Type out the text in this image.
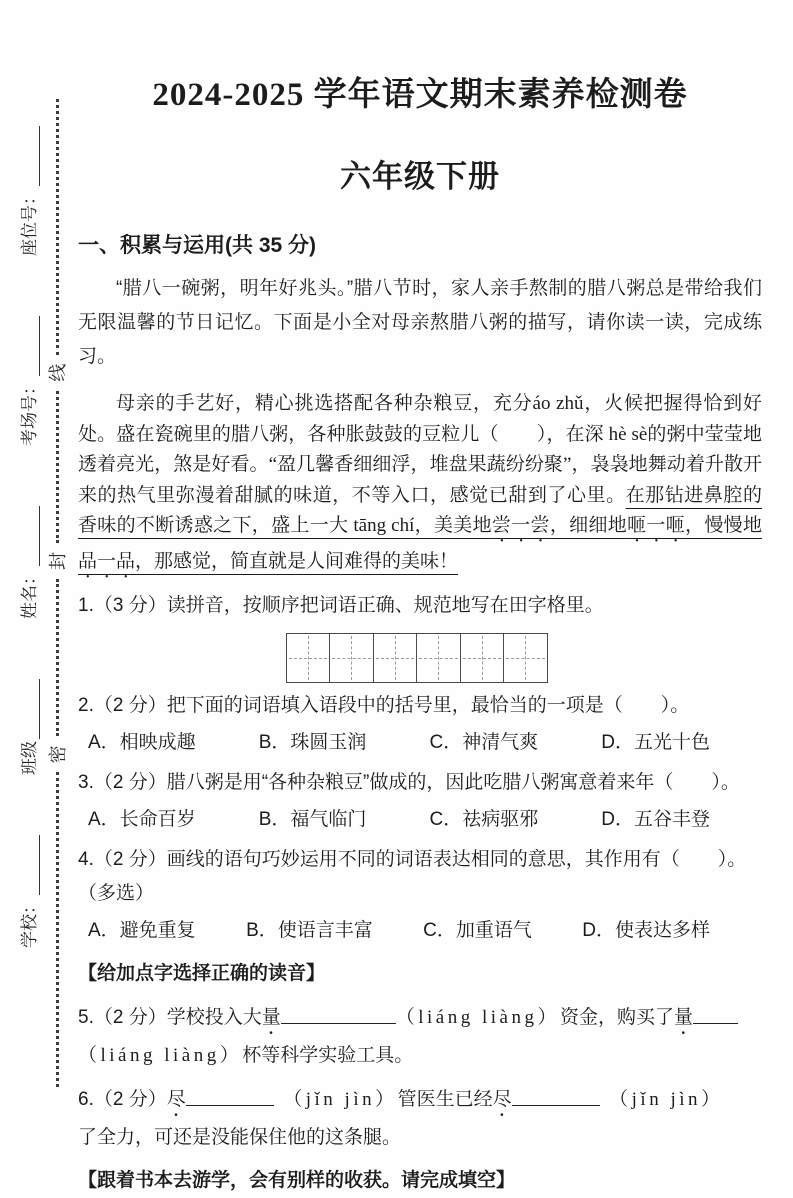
学校：
班级
姓名：
考场号：
座位号：
密
封
线
2024-2025 学年语文期末素养检测卷
六年级下册
一、积累与运用(共 35 分)

“腊八一碗粥，明年好兆头。”腊八节时，家人亲手熬制的腊八粥总是带给我们无限温馨的节日记忆。下面是小全对母亲熬腊八粥的描写，请你读一读，完成练习。

母亲的手艺好，精心挑选搭配各种杂粮豆，充分áo zhǔ，火候把握得恰到好处。盛在瓷碗里的腊八粥，各种胀鼓鼓的豆粒儿（　　），在深 hè sè的粥中莹莹地透着亮光，煞是好看。“盈几馨香细细浮，堆盘果蔬纷纷聚”，袅袅地舞动着升散开来的热气里弥漫着甜腻的味道，不等入口，感觉已甜到了心里。在那钻进鼻腔的香味的不断诱惑之下，盛上一大 tāng chí，美美地尝一尝，细细地咂一咂，慢慢地品一品，那感觉，简直就是人间难得的美味！

1.（3 分）读拼音，按顺序把词语正确、规范地写在田字格里。

2.（2 分）把下面的词语填入语段中的括号里，最恰当的一项是（　　）。

A．相映成趣	B．珠圆玉润	C．神清气爽	D．五光十色

3.（2 分）腊八粥是用“各种杂粮豆”做成的，因此吃腊八粥寓意着来年（　　）。

A．长命百岁	B．福气临门	C．祛病驱邪	D．五谷丰登

4.（2 分）画线的语句巧妙运用不同的词语表达相同的意思，其作用有（　　）。
（多选）

A．避免重复	B．使语言丰富	C．加重语气	D．使表达多样

【给加点字选择正确的读音】

5.（2 分）学校投入大量	（liáng liàng）资金，购买了量
（liáng liàng）杯等科学实验工具。

6.（2 分）尽　	（jǐn jìn）管医生已经尽　	（jǐn jìn）
了全力，可还是没能保住他的这条腿。

【跟着书本去游学，会有别样的收获。请完成填空】
